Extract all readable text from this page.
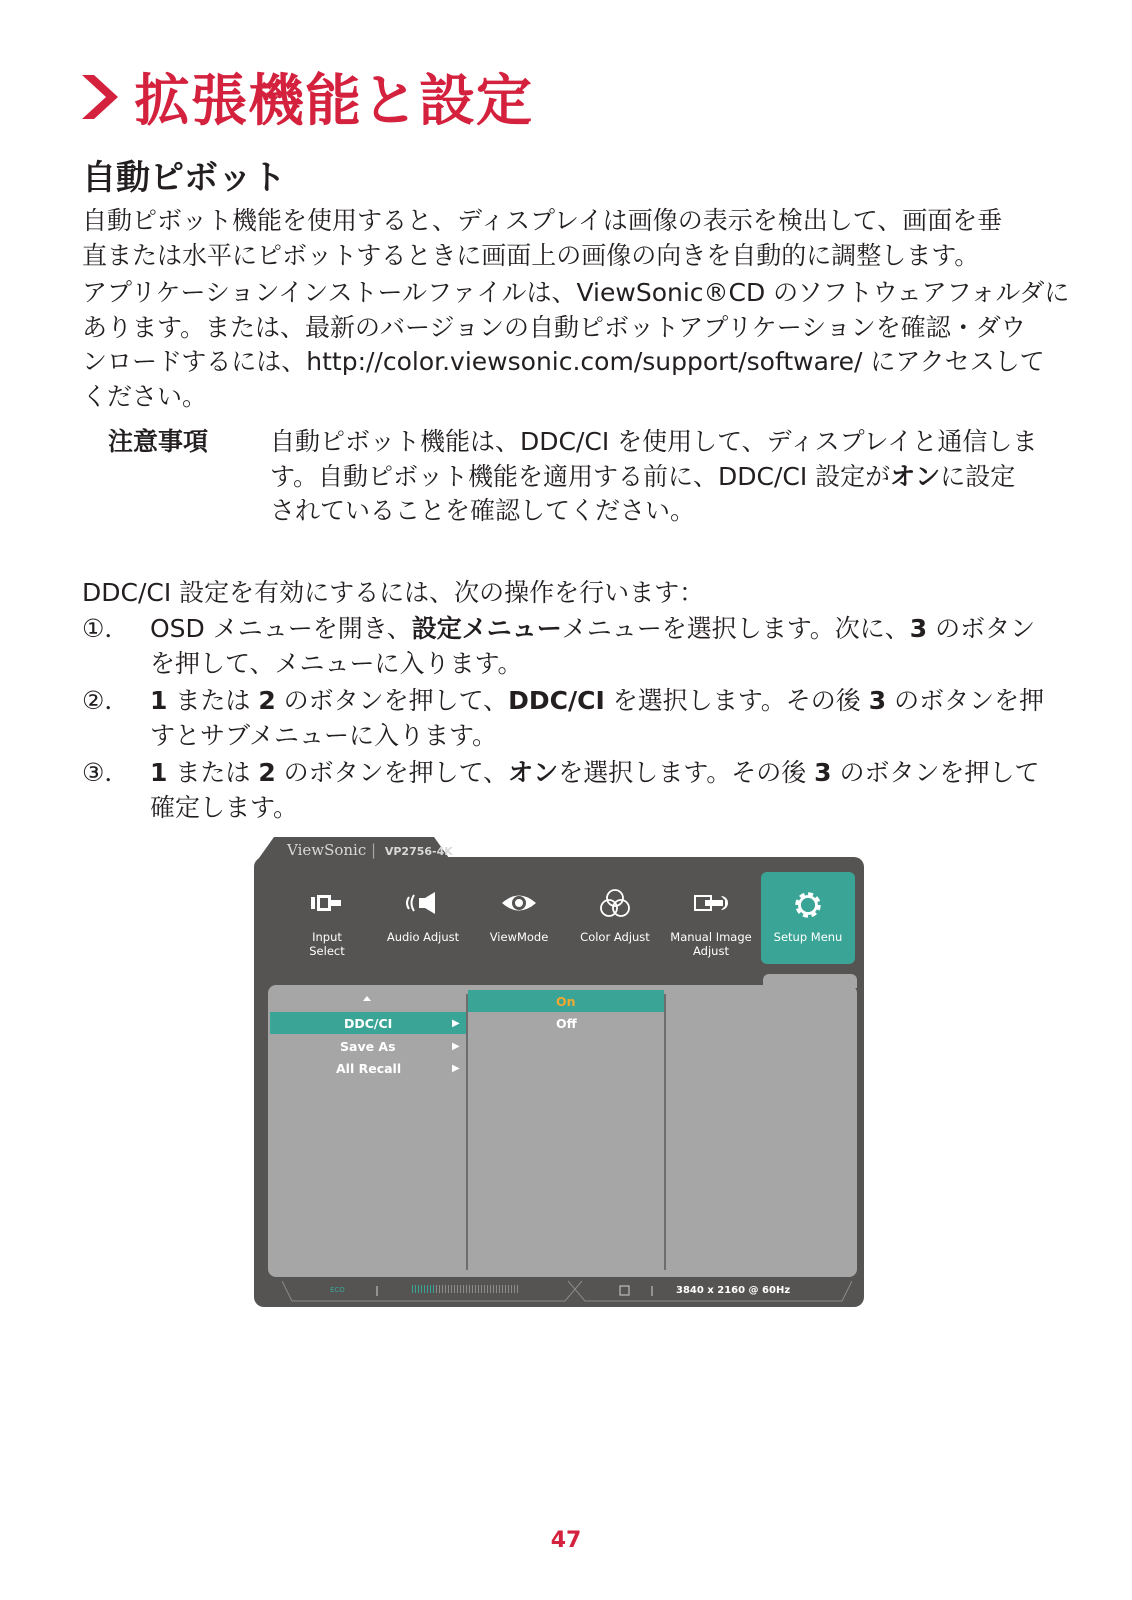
拡張機能と設定
自動ピボット
自動ピボット機能を使用すると、ディスプレイは画像の表示を検出して、画面を垂
直または水平にピボットするときに画面上の画像の向きを自動的に調整します。
アプリケーションインストールファイルは、ViewSonic®CD のソフトウェアフォルダに
あります。または、最新のバージョンの自動ピボットアプリケーションを確認・ダウ
ンロードするには、http://color.viewsonic.com/support/software/ にアクセスして
ください。
注意事項 自動ピボット機能は、DDC/CI を使用して、ディスプレイと通信しま
す。自動ピボット機能を適用する前に、DDC/CI 設定がオンに設定
されていることを確認してください。
DDC/CI 設定を有効にするには、次の操作を行います：
①． OSD メニューを開き、設定メニューメニューを選択します。次に、3 のボタン
を押して、メニューに入ります。
②． 1 または 2 のボタンを押して、DDC/CI を選択します。その後 3 のボタンを押
すとサブメニューに入ります。
③． 1 または 2 のボタンを押して、オンを選択します。その後 3 のボタンを押して
確定します。
ViewSonic | VP2756-4K
Input
Select
Audio Adjust	ViewMode	Color Adjust	Manual Image
Adjust
Setup Menu
DDC/CI	▶
Save As	▶
All Recall	▶
On
Off
ECO	3840 x 2160 @ 60Hz
47
